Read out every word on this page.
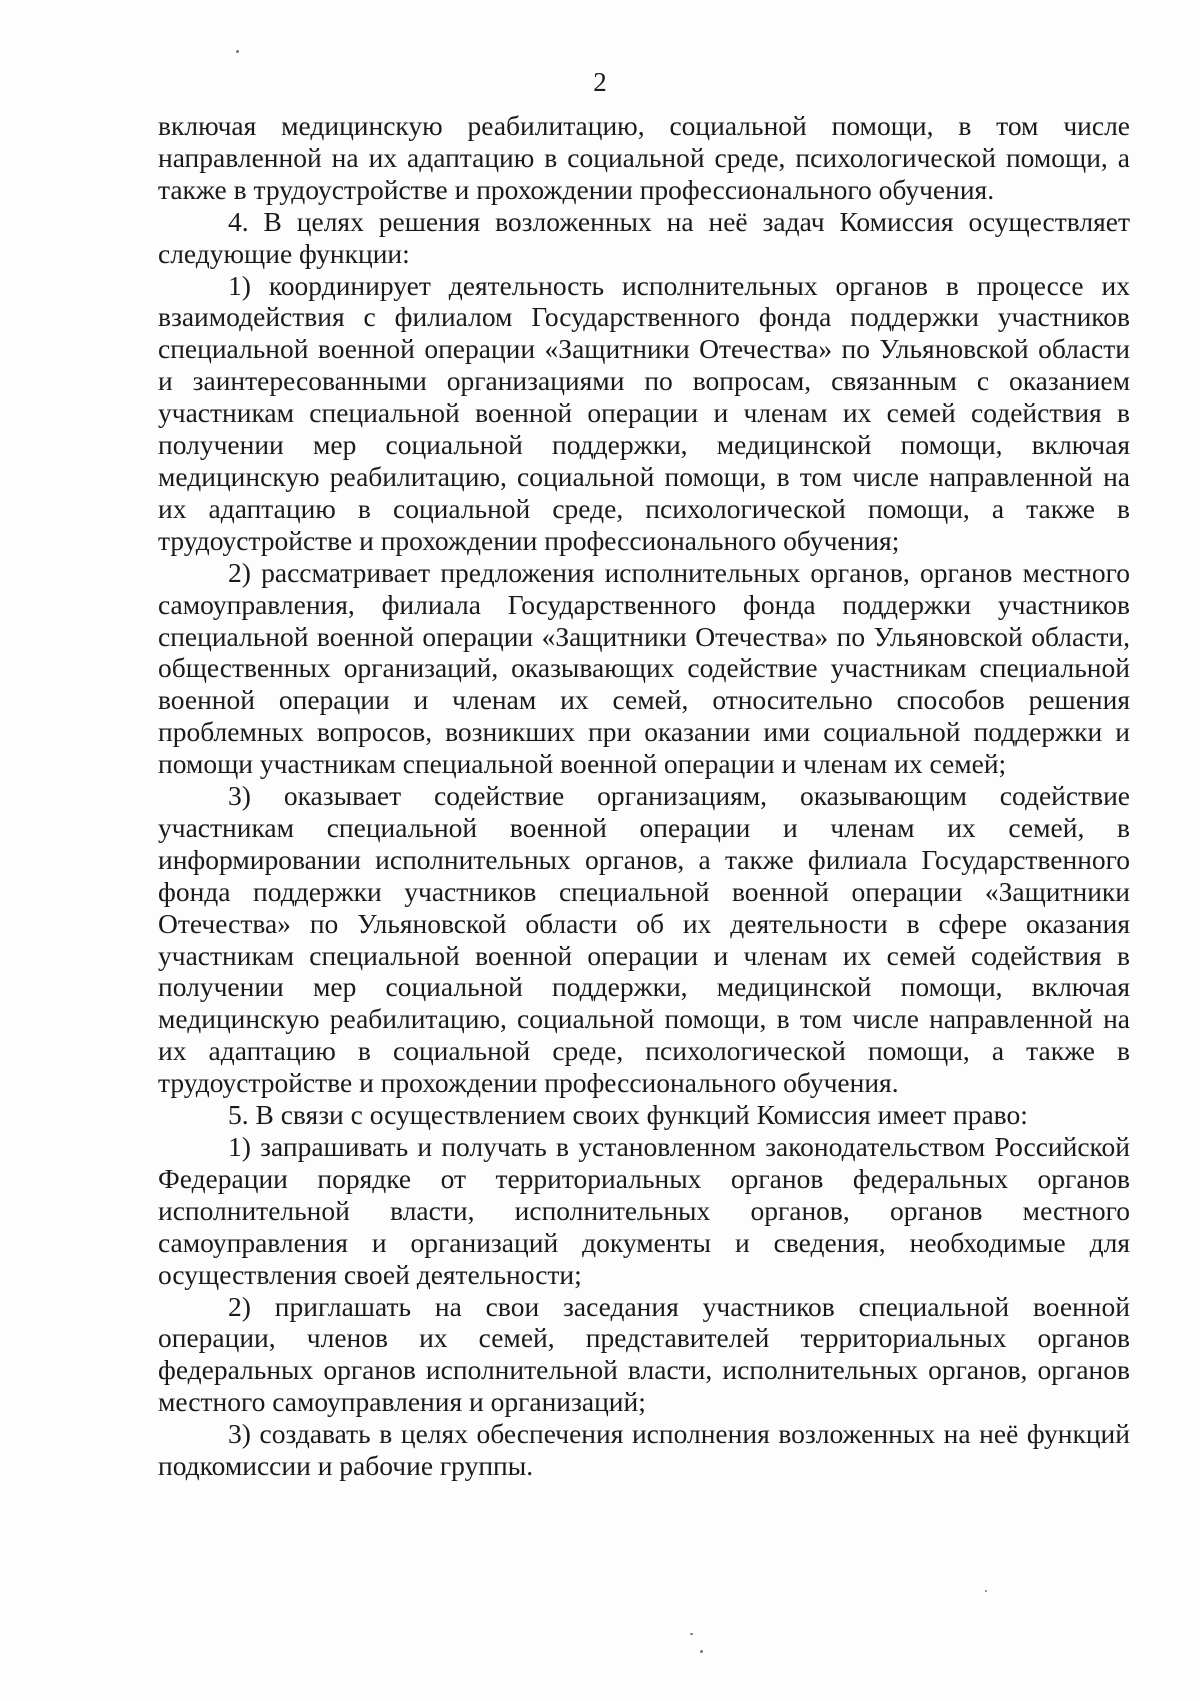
2

включая медицинскую реабилитацию, социальной помощи, в том числе направленной на их адаптацию в социальной среде, психологической помощи, а также в трудоустройстве и прохождении профессионального обучения.

4. В целях решения возложенных на неё задач Комиссия осуществляет следующие функции:

1) координирует деятельность исполнительных органов в процессе их взаимодействия с филиалом Государственного фонда поддержки участников специальной военной операции «Защитники Отечества» по Ульяновской области и заинтересованными организациями по вопросам, связанным с оказанием участникам специальной военной операции и членам их семей содействия в получении мер социальной поддержки, медицинской помощи, включая медицинскую реабилитацию, социальной помощи, в том числе направленной на их адаптацию в социальной среде, психологической помощи, а также в трудоустройстве и прохождении профессионального обучения;

2) рассматривает предложения исполнительных органов, органов местного самоуправления, филиала Государственного фонда поддержки участников специальной военной операции «Защитники Отечества» по Ульяновской области, общественных организаций, оказывающих содействие участникам специальной военной операции и членам их семей, относительно способов решения проблемных вопросов, возникших при оказании ими социальной поддержки и помощи участникам специальной военной операции и членам их семей;

3) оказывает содействие организациям, оказывающим содействие участникам специальной военной операции и членам их семей, в информировании исполнительных органов, а также филиала Государственного фонда поддержки участников специальной военной операции «Защитники Отечества» по Ульяновской области об их деятельности в сфере оказания участникам специальной военной операции и членам их семей содействия в получении мер социальной поддержки, медицинской помощи, включая медицинскую реабилитацию, социальной помощи, в том числе направленной на их адаптацию в социальной среде, психологической помощи, а также в трудоустройстве и прохождении профессионального обучения.

5. В связи с осуществлением своих функций Комиссия имеет право:

1) запрашивать и получать в установленном законодательством Российской Федерации порядке от территориальных органов федеральных органов исполнительной власти, исполнительных органов, органов местного самоуправления и организаций документы и сведения, необходимые для осуществления своей деятельности;

2) приглашать на свои заседания участников специальной военной операции, членов их семей, представителей территориальных органов федеральных органов исполнительной власти, исполнительных органов, органов местного самоуправления и организаций;

3) создавать в целях обеспечения исполнения возложенных на неё функций подкомиссии и рабочие группы.
